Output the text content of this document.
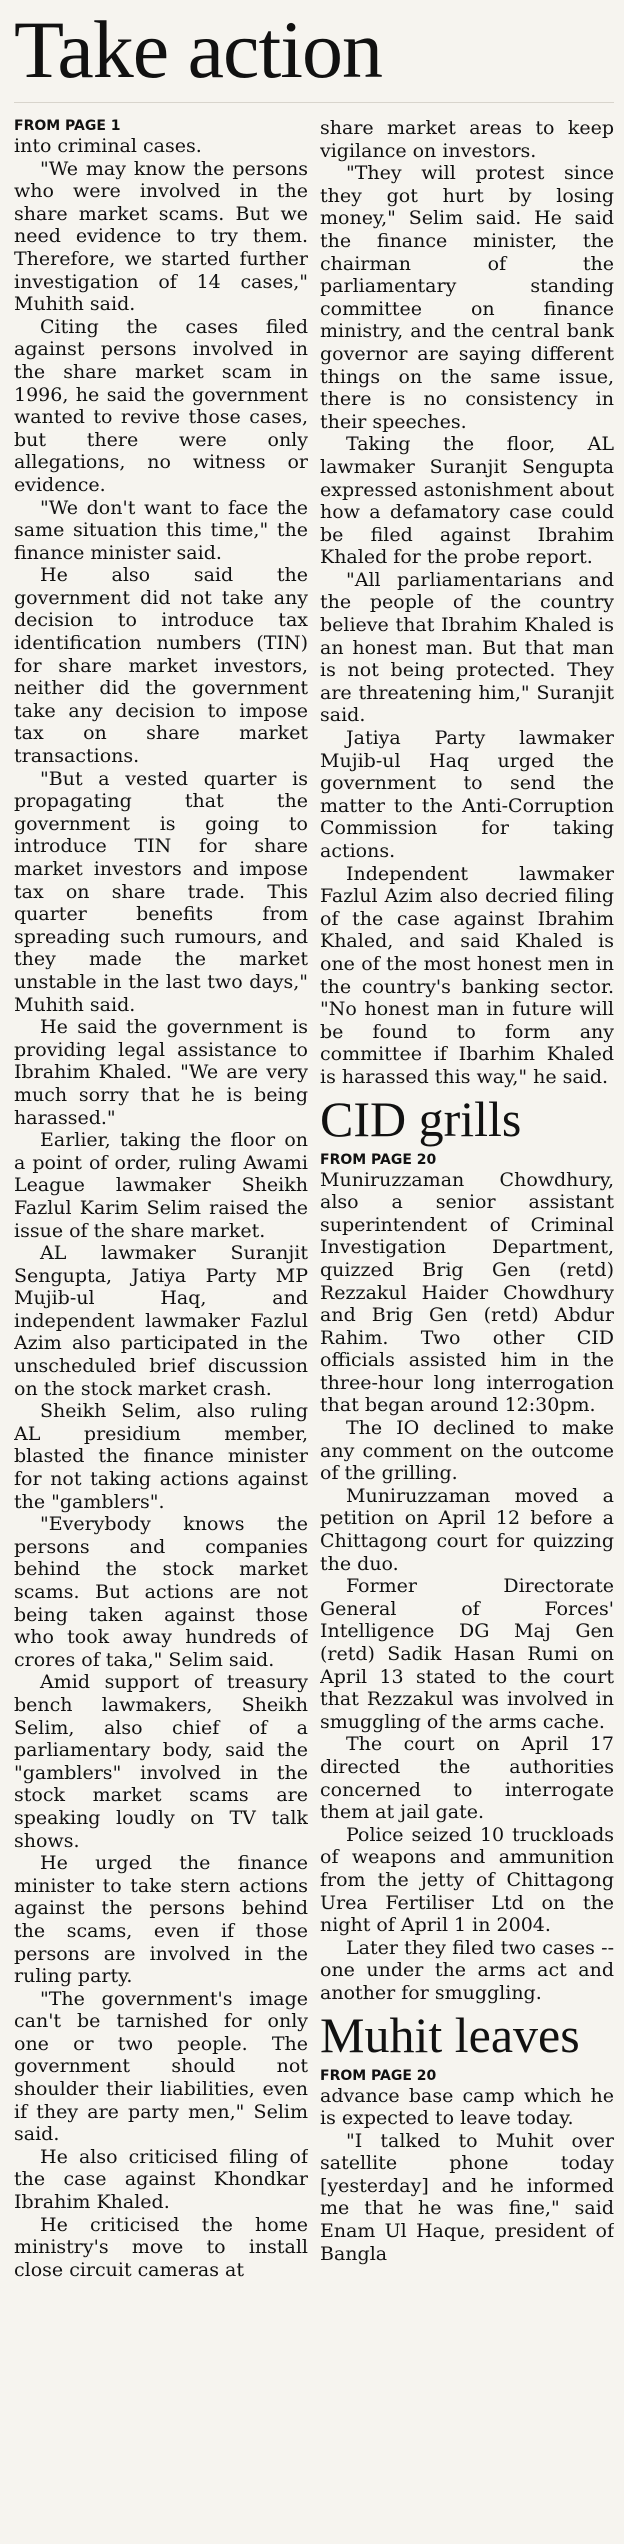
Take action
FROM PAGE 1

into criminal cases.

"We may know the persons who were involved in the share market scams. But we need evidence to try them. Therefore, we started further investigation of 14 cases," Muhith said.

Citing the cases filed against persons involved in the share market scam in 1996, he said the government wanted to revive those cases, but there were only allegations, no witness or evidence.

"We don't want to face the same situation this time," the finance minister said.

He also said the government did not take any decision to introduce tax identification numbers (TIN) for share market investors, neither did the government take any decision to impose tax on share market transactions.

"But a vested quarter is propagating that the government is going to introduce TIN for share market investors and impose tax on share trade. This quarter benefits from spreading such rumours, and they made the market unstable in the last two days," Muhith said.

He said the government is providing legal assistance to Ibrahim Khaled. "We are very much sorry that he is being harassed."

Earlier, taking the floor on a point of order, ruling Awami League lawmaker Sheikh Fazlul Karim Selim raised the issue of the share market.

AL lawmaker Suranjit Sengupta, Jatiya Party MP Mujib-ul Haq, and independent lawmaker Fazlul Azim also participated in the unscheduled brief discussion on the stock market crash.

Sheikh Selim, also ruling AL presidium member, blasted the finance minister for not taking actions against the "gamblers".

"Everybody knows the persons and companies behind the stock market scams. But actions are not being taken against those who took away hundreds of crores of taka," Selim said.

Amid support of treasury bench lawmakers, Sheikh Selim, also chief of a parliamentary body, said the "gamblers" involved in the stock market scams are speaking loudly on TV talk shows.

He urged the finance minister to take stern actions against the persons behind the scams, even if those persons are involved in the ruling party.

"The government's image can't be tarnished for only one or two people. The government should not shoulder their liabilities, even if they are party men," Selim said.

He also criticised filing of the case against Khondkar Ibrahim Khaled.

He criticised the home ministry's move to install close circuit cameras at

share market areas to keep vigilance on investors.

"They will protest since they got hurt by losing money," Selim said. He said the finance minister, the chairman of the parliamentary standing committee on finance ministry, and the central bank governor are saying different things on the same issue, there is no consistency in their speeches.

Taking the floor, AL lawmaker Suranjit Sengupta expressed astonishment about how a defamatory case could be filed against Ibrahim Khaled for the probe report.

"All parliamentarians and the people of the country believe that Ibrahim Khaled is an honest man. But that man is not being protected. They are threatening him," Suranjit said.

Jatiya Party lawmaker Mujib-ul Haq urged the government to send the matter to the Anti-Corruption Commission for taking actions.

Independent lawmaker Fazlul Azim also decried filing of the case against Ibrahim Khaled, and said Khaled is one of the most honest men in the country's banking sector. "No honest man in future will be found to form any committee if Ibarhim Khaled is harassed this way," he said.

CID grills
FROM PAGE 20

Muniruzzaman Chowdhury, also a senior assistant superintendent of Criminal Investigation Department, quizzed Brig Gen (retd) Rezzakul Haider Chowdhury and Brig Gen (retd) Abdur Rahim. Two other CID officials assisted him in the three-hour long interrogation that began around 12:30pm.

The IO declined to make any comment on the outcome of the grilling.

Muniruzzaman moved a petition on April 12 before a Chittagong court for quizzing the duo.

Former Directorate General of Forces' Intelligence DG Maj Gen (retd) Sadik Hasan Rumi on April 13 stated to the court that Rezzakul was involved in smuggling of the arms cache.

The court on April 17 directed the authorities concerned to interrogate them at jail gate.

Police seized 10 truckloads of weapons and ammunition from the jetty of Chittagong Urea Fertiliser Ltd on the night of April 1 in 2004.

Later they filed two cases -- one under the arms act and another for smuggling.

Muhit leaves
FROM PAGE 20

advance base camp which he is expected to leave today.

"I talked to Muhit over satellite phone today [yesterday] and he informed me that he was fine," said Enam Ul Haque, president of Bangla
